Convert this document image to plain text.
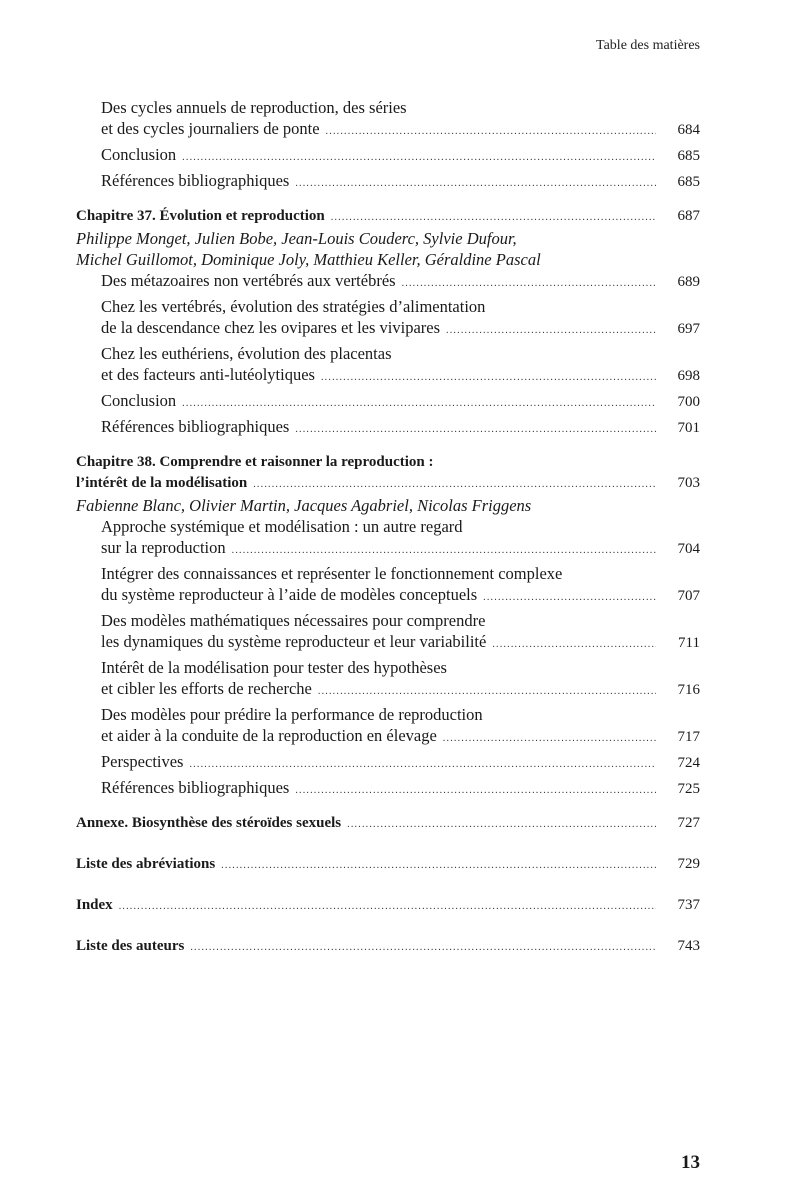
Table des matières
Des cycles annuels de reproduction, des séries
et des cycles journaliers de ponte .....	684
Conclusion .....	685
Références bibliographiques .....	685
Chapitre 37. Évolution et reproduction .....	687
Philippe Monget, Julien Bobe, Jean-Louis Couderc, Sylvie Dufour,
Michel Guillomot, Dominique Joly, Matthieu Keller, Géraldine Pascal
Des métazoaires non vertébrés aux vertébrés .....	689
Chez les vertébrés, évolution des stratégies d’alimentation
de la descendance chez les ovipares et les vivipares .....	697
Chez les euthériens, évolution des placentas
et des facteurs anti-lutéolytiques .....	698
Conclusion .....	700
Références bibliographiques .....	701
Chapitre 38. Comprendre et raisonner la reproduction :
l’intérêt de la modélisation .....	703
Fabienne Blanc, Olivier Martin, Jacques Agabriel, Nicolas Friggens
Approche systémique et modélisation : un autre regard
sur la reproduction .....	704
Intégrer des connaissances et représenter le fonctionnement complexe
du système reproducteur à l’aide de modèles conceptuels .....	707
Des modèles mathématiques nécessaires pour comprendre
les dynamiques du système reproducteur et leur variabilité .....	711
Intérêt de la modélisation pour tester des hypothèses
et cibler les efforts de recherche .....	716
Des modèles pour prédire la performance de reproduction
et aider à la conduite de la reproduction en élevage .....	717
Perspectives .....	724
Références bibliographiques .....	725
Annexe. Biosynthèse des stéroïdes sexuels .....	727
Liste des abréviations .....	729
Index .....	737
Liste des auteurs .....	743
13
